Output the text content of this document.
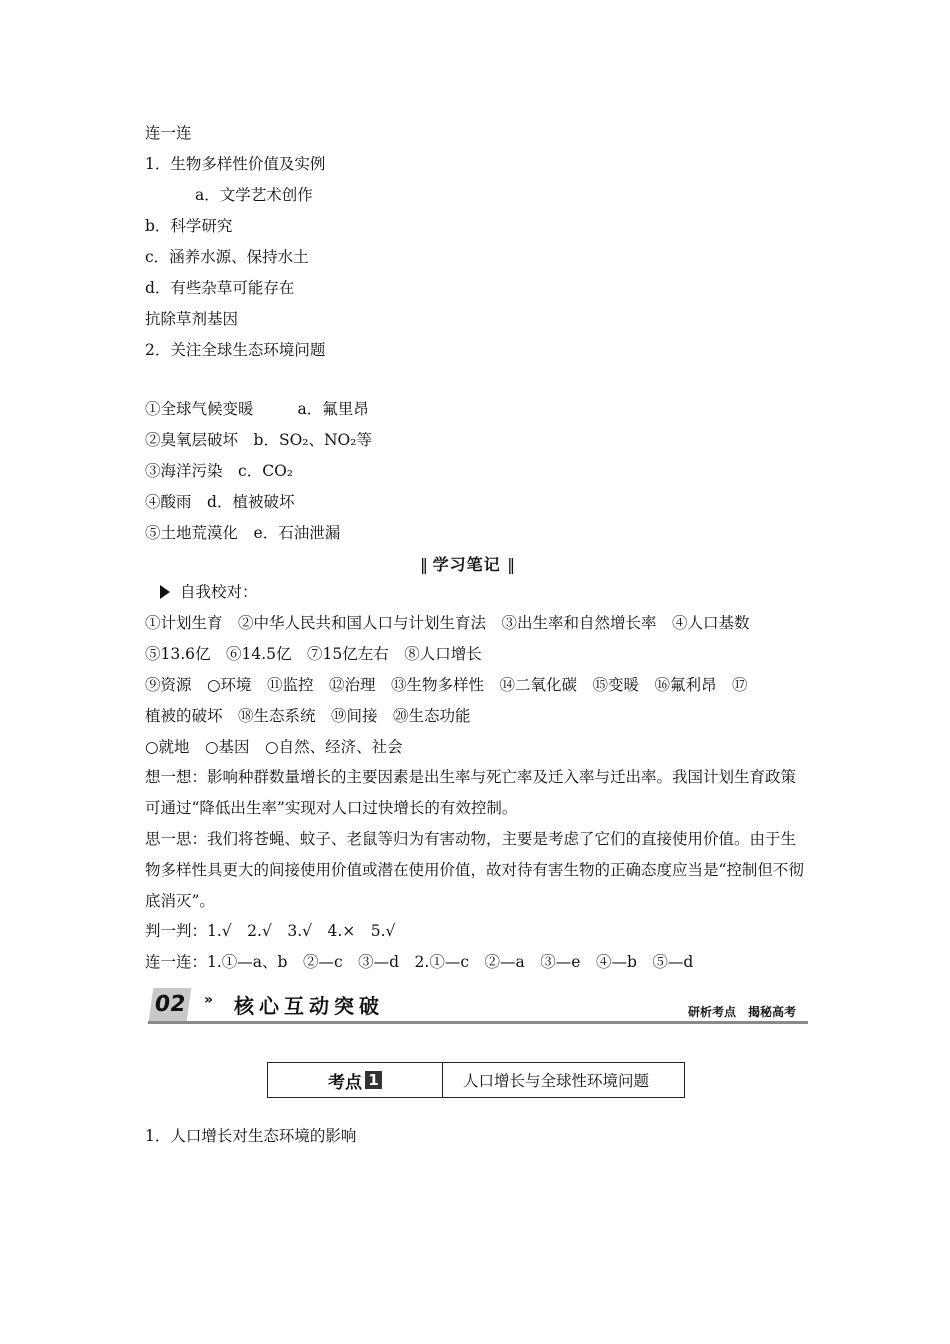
连一连
1．生物多样性价值及实例
a．文学艺术创作
b．科学研究
c．涵养水源、保持水土
d．有些杂草可能存在
抗除草剂基因
2．关注全球生态环境问题
①全球气候变暖	a．氟里昂
②臭氧层破坏　 b．SO₂、NO₂等
③海洋污染　 c．CO₂
④酸雨　 d．植被破坏
⑤土地荒漠化　 e．石油泄漏
‖ 学习笔记 ‖
自我校对：
①计划生育　②中华人民共和国人口与计划生育法　③出生率和自然增长率　④人口基数
⑤13.6亿　⑥14.5亿　⑦15亿左右　⑧人口增长
⑨资源　○环境　⑪监控　⑫治理　⑬生物多样性　⑭二氧化碳　⑮变暖　⑯氟利昂　⑰
植被的破坏　⑱生态系统　⑲间接　⑳生态功能
○就地　○基因　○自然、经济、社会
想一想：影响种群数量增长的主要因素是出生率与死亡率及迁入率与迁出率。我国计划生育政策可通过“降低出生率”实现对人口过快增长的有效控制。
思一思：我们将苍蝇、蚊子、老鼠等归为有害动物，主要是考虑了它们的直接使用价值。由于生物多样性具更大的间接使用价值或潜在使用价值，故对待有害生物的正确态度应当是“控制但不彻底消灭”。
判一判：1.√　2.√　3.√　4.×　5.√
连一连：1.①—a、b　②—c　③—d　2.①—c　②—a　③—e　④—b　⑤—d
02	» 核心互动突破	研析考点　揭秘高考
考点 1	人口增长与全球性环境问题
1．人口增长对生态环境的影响
